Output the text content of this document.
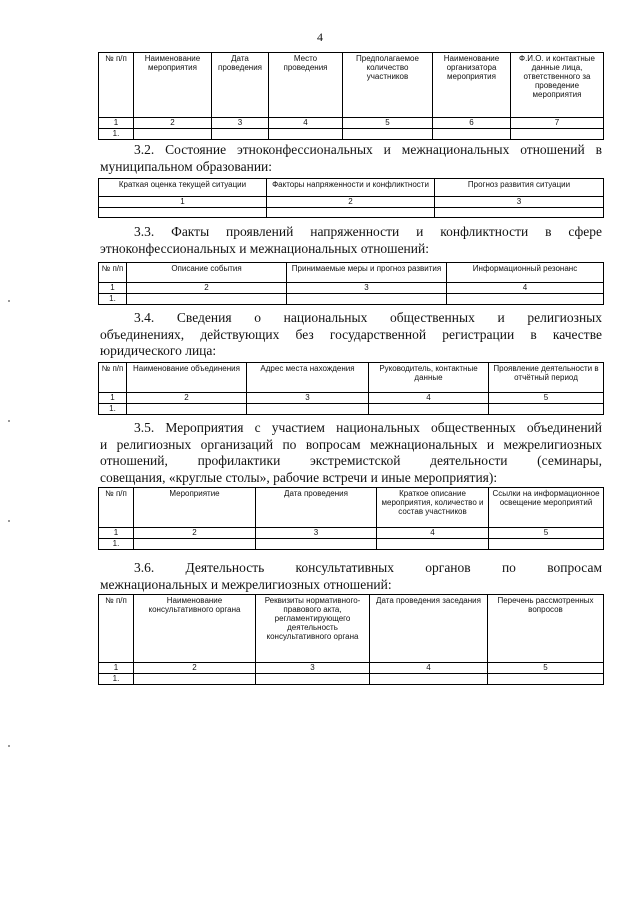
4
№ п/п	Наименование мероприятия	Дата проведения	Место проведения	Предполагаемое количество участников	Наименование организатора мероприятия	Ф.И.О. и контактные данные лица, ответственного за проведение мероприятия
1	2	3	4	5	6	7
1.						
3.2. Состояние этноконфессиональных и межнациональных отношений в
муниципальном образовании:
Краткая оценка текущей ситуации	Факторы напряженности и конфликтности	Прогноз развития ситуации
1	2	3

3.3. Факты проявлений напряженности и конфликтности в сфере
этноконфессиональных и межнациональных отношений:
№ п/п	Описание события	Принимаемые меры и прогноз развития	Информационный резонанс
1	2	3	4
1.			
3.4. Сведения о национальных общественных и религиозных
объединениях, действующих без государственной регистрации в качестве
юридического лица:
№ п/п	Наименование объединения	Адрес места нахождения	Руководитель, контактные данные	Проявление деятельности в отчётный период
1	2	3	4	5
1.				
3.5. Мероприятия с участием национальных общественных объединений
и религиозных организаций по вопросам межнациональных и межрелигиозных
отношений, профилактики экстремистской деятельности (семинары,
совещания, «круглые столы», рабочие встречи и иные мероприятия):
№ п/п	Мероприятие	Дата проведения	Краткое описание мероприятия, количество и состав участников	Ссылки на информационное освещение мероприятий
1	2	3	4	5
1.				
3.6. Деятельность консультативных органов по вопросам
межнациональных и межрелигиозных отношений:
№ п/п	Наименование консультативного органа	Реквизиты нормативного-правового акта, регламентирующего деятельность консультативного органа	Дата проведения заседания	Перечень рассмотренных вопросов
1	2	3	4	5
1.				
